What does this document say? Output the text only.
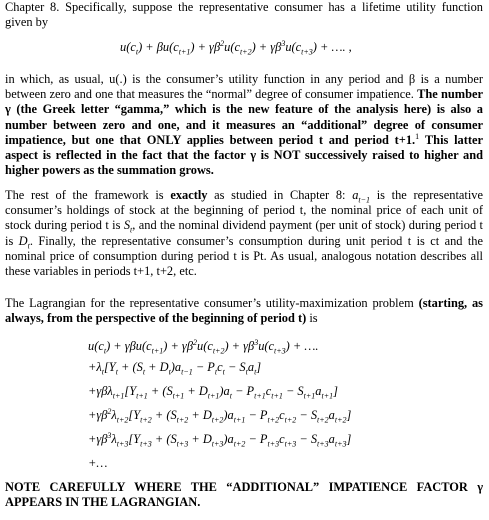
Chapter 8. Specifically, suppose the representative consumer has a lifetime utility function given by

$u(c_t) + \beta u(c_{t+1}) + \gamma\beta^2u(c_{t+2}) + \gamma\beta^3u(c_{t+3})$ + …. ,

in which, as usual, u(.) is the consumer’s utility function in any period and β is a number between zero and one that measures the “normal” degree of consumer impatience. The number γ (the Greek letter “gamma,” which is the new feature of the analysis here) is also a number between zero and one, and it measures an “additional” degree of consumer impatience, but one that ONLY applies between period t and period t+1.$^1$ This latter aspect is reflected in the fact that the factor γ is NOT successively raised to higher and higher powers as the summation grows.

The rest of the framework is exactly as studied in Chapter 8: $a_{t-1}$ is the representative consumer’s holdings of stock at the beginning of period t, the nominal price of each unit of stock during period t is $S_t$, and the nominal dividend payment (per unit of stock) during period t is $D_t$. Finally, the representative consumer’s consumption during unit period t is ct and the nominal price of consumption during period t is Pt. As usual, analogous notation describes all these variables in periods t+1, t+2, etc.

The Lagrangian for the representative consumer’s utility-maximization problem (starting, as always, from the perspective of the beginning of period t) is

$u(c_t) + \gamma\beta u(c_{t+1}) + \gamma\beta^2u(c_{t+2}) + \gamma\beta^3u(c_{t+3})$ + ….
$+\lambda_t[Y_t + (S_t + D_t)a_{t-1} - P_tc_t - S_ta_t]$
$+\gamma\beta\lambda_{t+1}[Y_{t+1} + (S_{t+1} + D_{t+1})a_t - P_{t+1}c_{t+1} - S_{t+1}a_{t+1}]$
$+\gamma\beta^2\lambda_{t+2}[Y_{t+2} + (S_{t+2} + D_{t+2})a_{t+1} - P_{t+2}c_{t+2} - S_{t+2}a_{t+2}]$
$+\gamma\beta^3\lambda_{t+3}[Y_{t+3} + (S_{t+3} + D_{t+3})a_{t+2} - P_{t+3}c_{t+3} - S_{t+3}a_{t+3}]$
+…

NOTE CAREFULLY WHERE THE “ADDITIONAL” IMPATIENCE FACTOR γ APPEARS IN THE LAGRANGIAN.
